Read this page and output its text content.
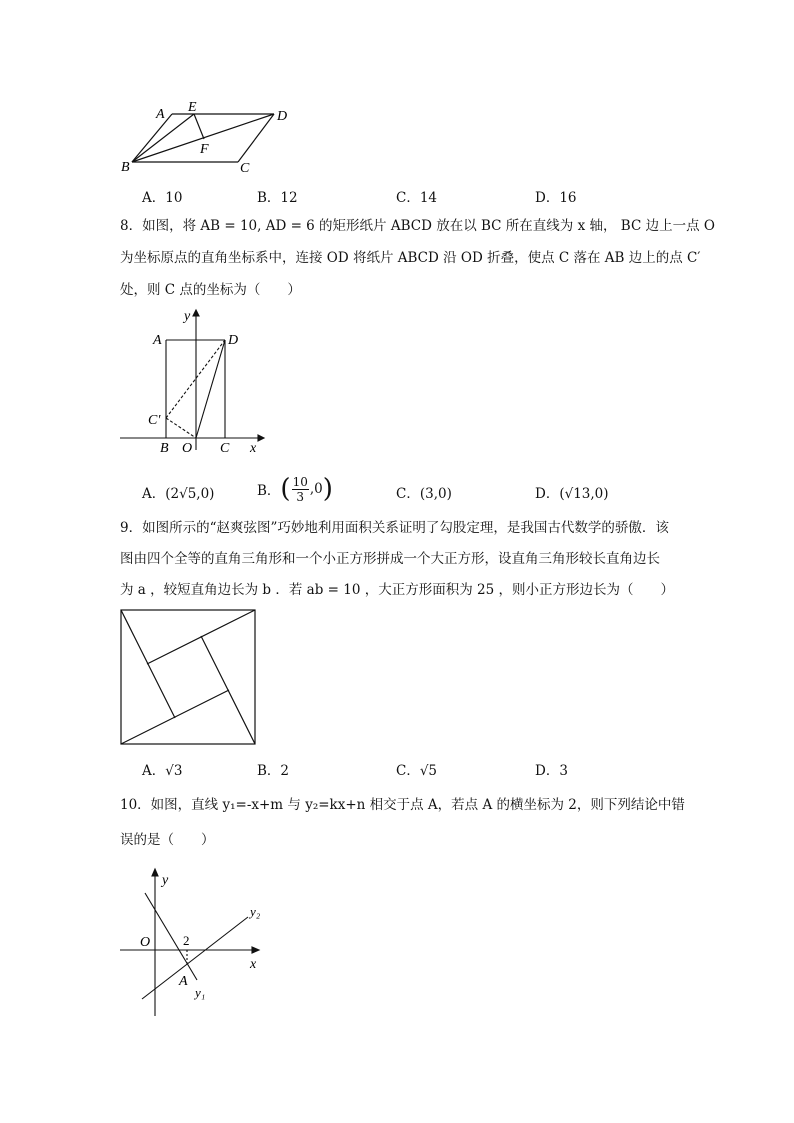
A E
D
F
B	C
A．10	B．12	C．14	D．16
8．如图，将 AB = 10, AD = 6 的矩形纸片 ABCD 放在以 BC 所在直线为 x 轴， BC 边上一点 O
为坐标原点的直角坐标系中，连接 OD 将纸片 ABCD 沿 OD 折叠，使点 C 落在 AB 边上的点 C′
处，则 C 点的坐标为（　　）
y
A	D
C′
B O C x
A．(2√5,0)	B． ( $\frac{10}{3} ,0$ )	C．(3,0)	D．(√13,0)
9．如图所示的“赵爽弦图”巧妙地利用面积关系证明了勾股定理，是我国古代数学的骄傲．该
图由四个全等的直角三角形和一个小正方形拼成一个大正方形，设直角三角形较长直角边长
为 a ，较短直角边长为 b ．若 ab = 10 ，大正方形面积为 25 ，则小正方形边长为（　　）
A．√3	B．2	C．√5	D．3
10．如图，直线 y₁=-x+m 与 y₂=kx+n 相交于点 A，若点 A 的横坐标为 2，则下列结论中错
误的是（　　）
y
y₂
O	2
x
A
y₁
